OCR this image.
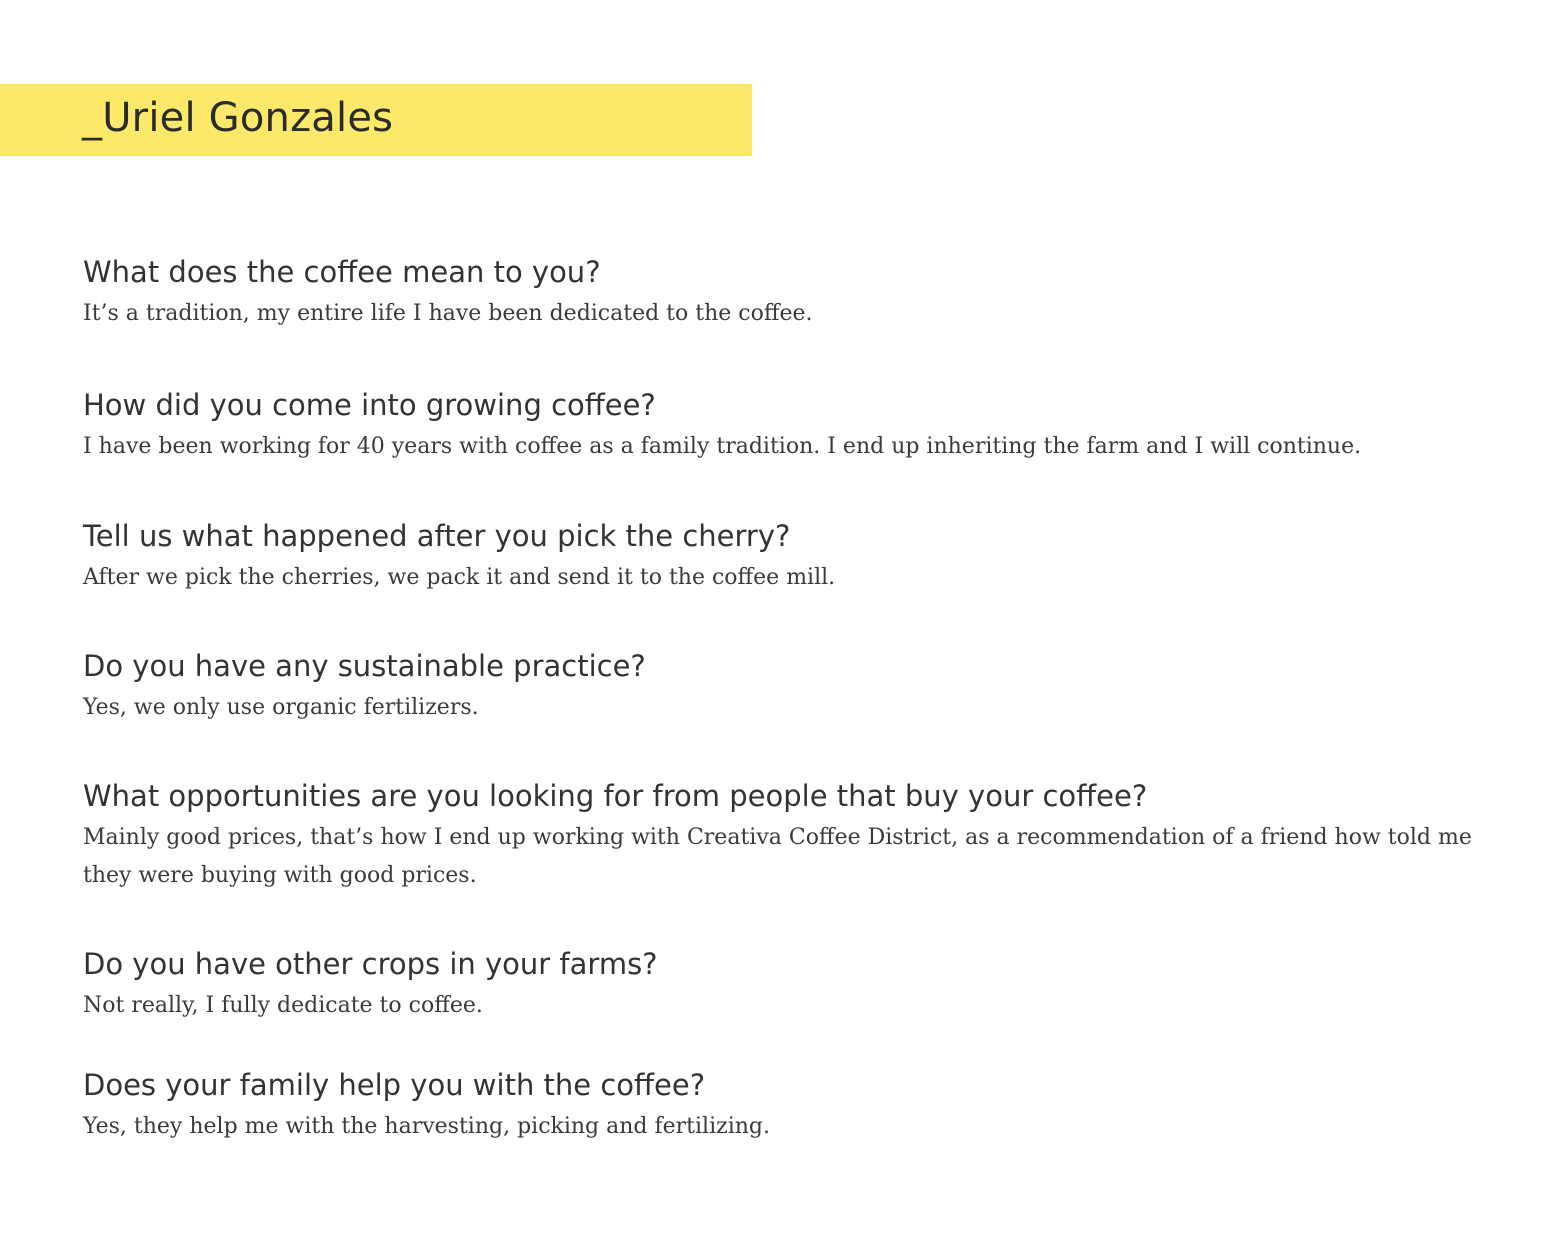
_Uriel Gonzales

What does the coffee mean to you?

It’s a tradition, my entire life I have been dedicated to the coffee.

How did you come into growing coffee?

I have been working for 40 years with coffee as a family tradition. I end up inheriting the farm and I will continue.

Tell us what happened after you pick the cherry?

After we pick the cherries, we pack it and send it to the coffee mill.

Do you have any sustainable practice?

Yes, we only use organic fertilizers.

What opportunities are you looking for from people that buy your coffee?

Mainly good prices, that’s how I end up working with Creativa Coffee District, as a recommendation of a friend how told me they were buying with good prices.

Do you have other crops in your farms?

Not really, I fully dedicate to coffee.

Does your family help you with the coffee?

Yes, they help me with the harvesting, picking and fertilizing.
